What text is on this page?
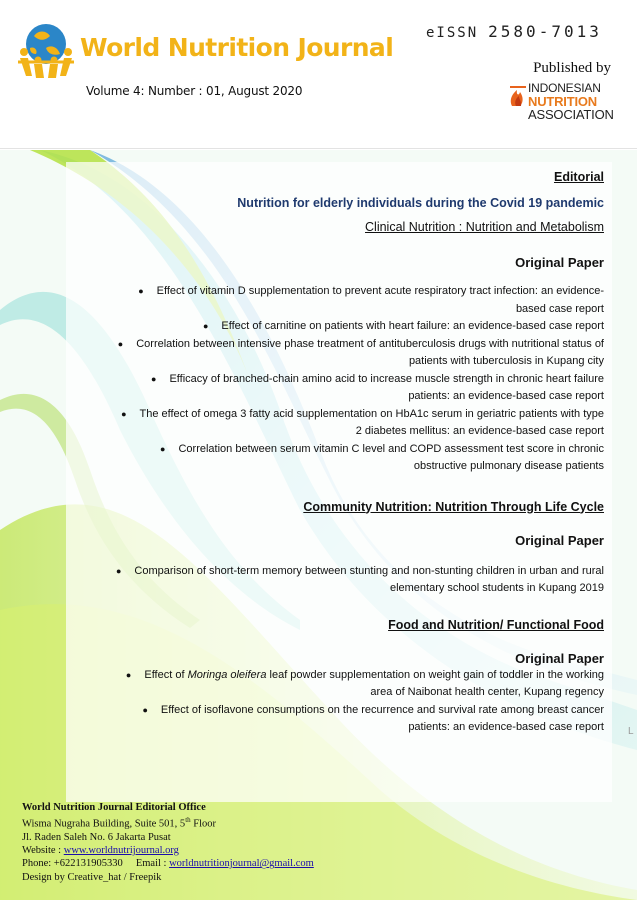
World Nutrition Journal
Volume 4: Number : 01, August 2020
eISSN 2580-7013
Published by
INDONESIAN
NUTRITION
ASSOCIATION
Editorial
Nutrition for elderly individuals during the Covid 19 pandemic
Clinical Nutrition : Nutrition and Metabolism
Original Paper
● Effect of vitamin D supplementation to prevent acute respiratory tract infection: an evidence-
based case report
● Effect of carnitine on patients with heart failure: an evidence-based case report
● Correlation between intensive phase treatment of antituberculosis drugs with nutritional status of
patients with tuberculosis in Kupang city
● Efficacy of branched-chain amino acid to increase muscle strength in chronic heart failure
patients: an evidence-based case report
● The effect of omega 3 fatty acid supplementation on HbA1c serum in geriatric patients with type
2 diabetes mellitus: an evidence-based case report
● Correlation between serum vitamin C level and COPD assessment test score in chronic
obstructive pulmonary disease patients
Community Nutrition: Nutrition Through Life Cycle
Original Paper
● Comparison of short-term memory between stunting and non-stunting children in urban and rural
elementary school students in Kupang 2019
Food and Nutrition/ Functional Food
Original Paper
● Effect of Moringa oleifera leaf powder supplementation on weight gain of toddler in the working
area of Naibonat health center, Kupang regency
● Effect of isoflavone consumptions on the recurrence and survival rate among breast cancer
patients: an evidence-based case report L
World Nutrition Journal Editorial Office
Wisma Nugraha Building, Suite 501, 5th Floor
Jl. Raden Saleh No. 6 Jakarta Pusat
Website : www.worldnutrijournal.org
Phone: +622131905330 Email : worldnutritionjournal@gmail.com
Design by Creative_hat / Freepik
